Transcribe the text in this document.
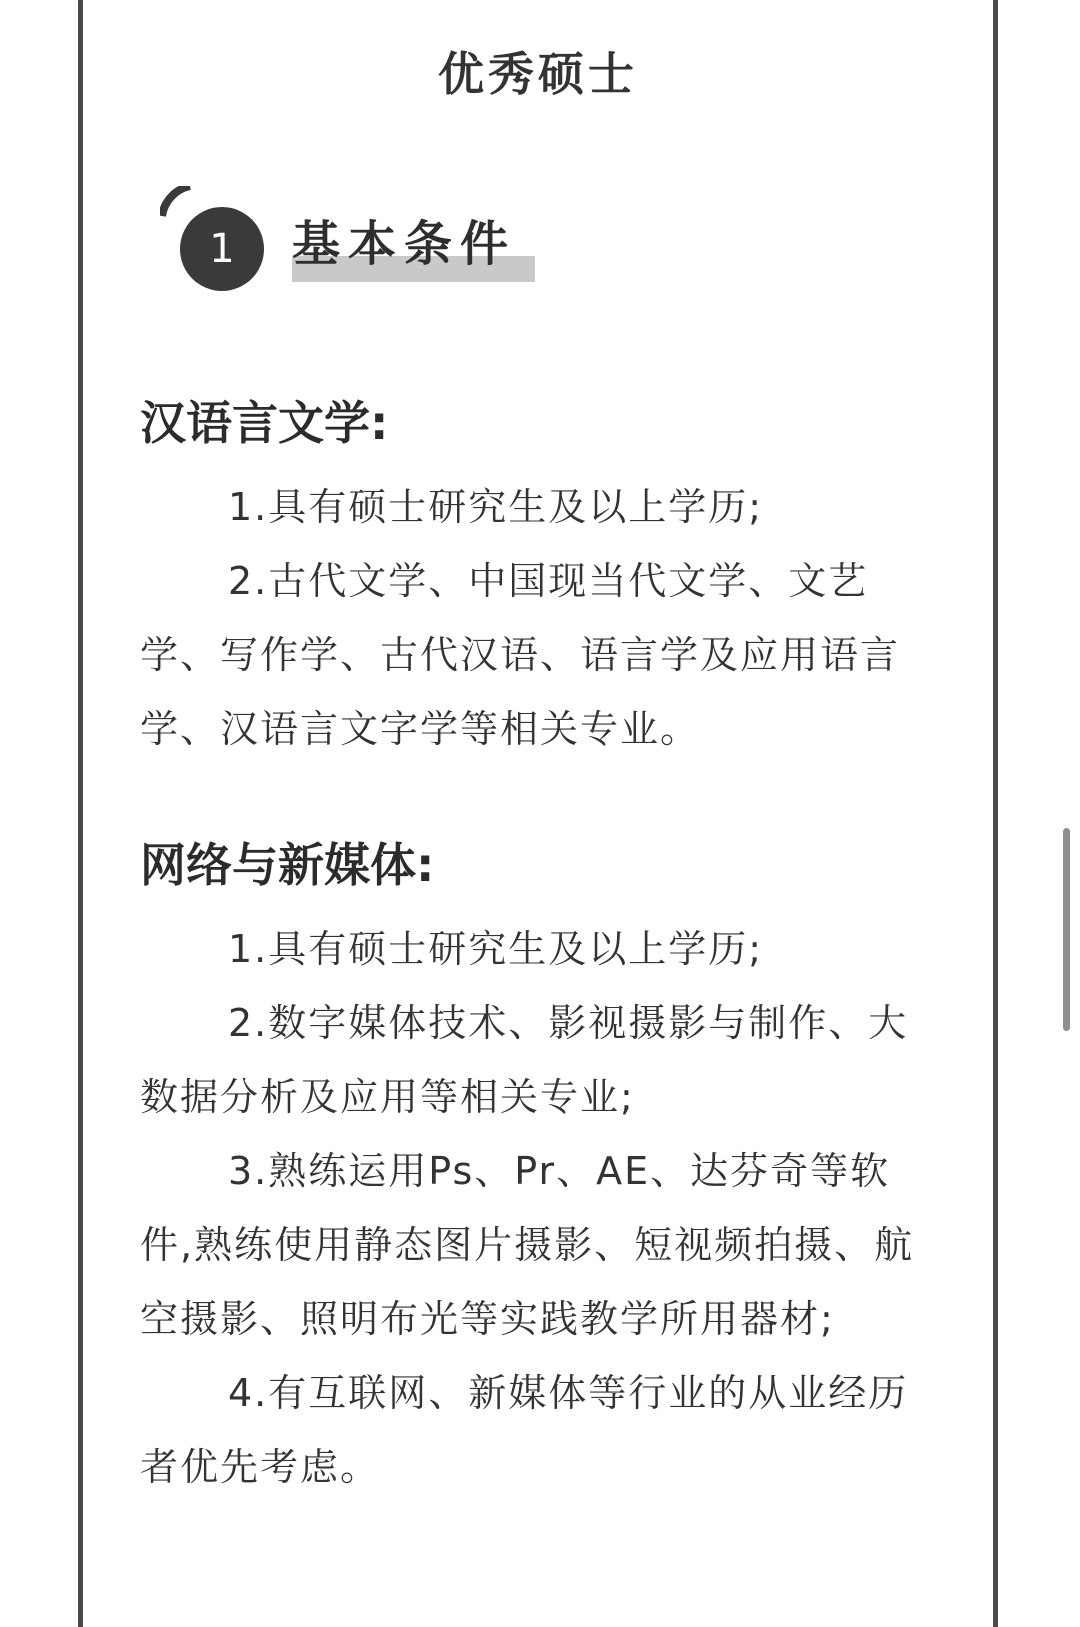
优秀硕士
1	基本条件
汉语言文学:

1.具有硕士研究生及以上学历;

2.古代文学、中国现当代文学、文艺学、写作学、古代汉语、语言学及应用语言学、汉语言文字学等相关专业。

网络与新媒体:

1.具有硕士研究生及以上学历;

2.数字媒体技术、影视摄影与制作、大数据分析及应用等相关专业;

3.熟练运用Ps、Pr、AE、达芬奇等软件,熟练使用静态图片摄影、短视频拍摄、航空摄影、照明布光等实践教学所用器材;

4.有互联网、新媒体等行业的从业经历者优先考虑。
